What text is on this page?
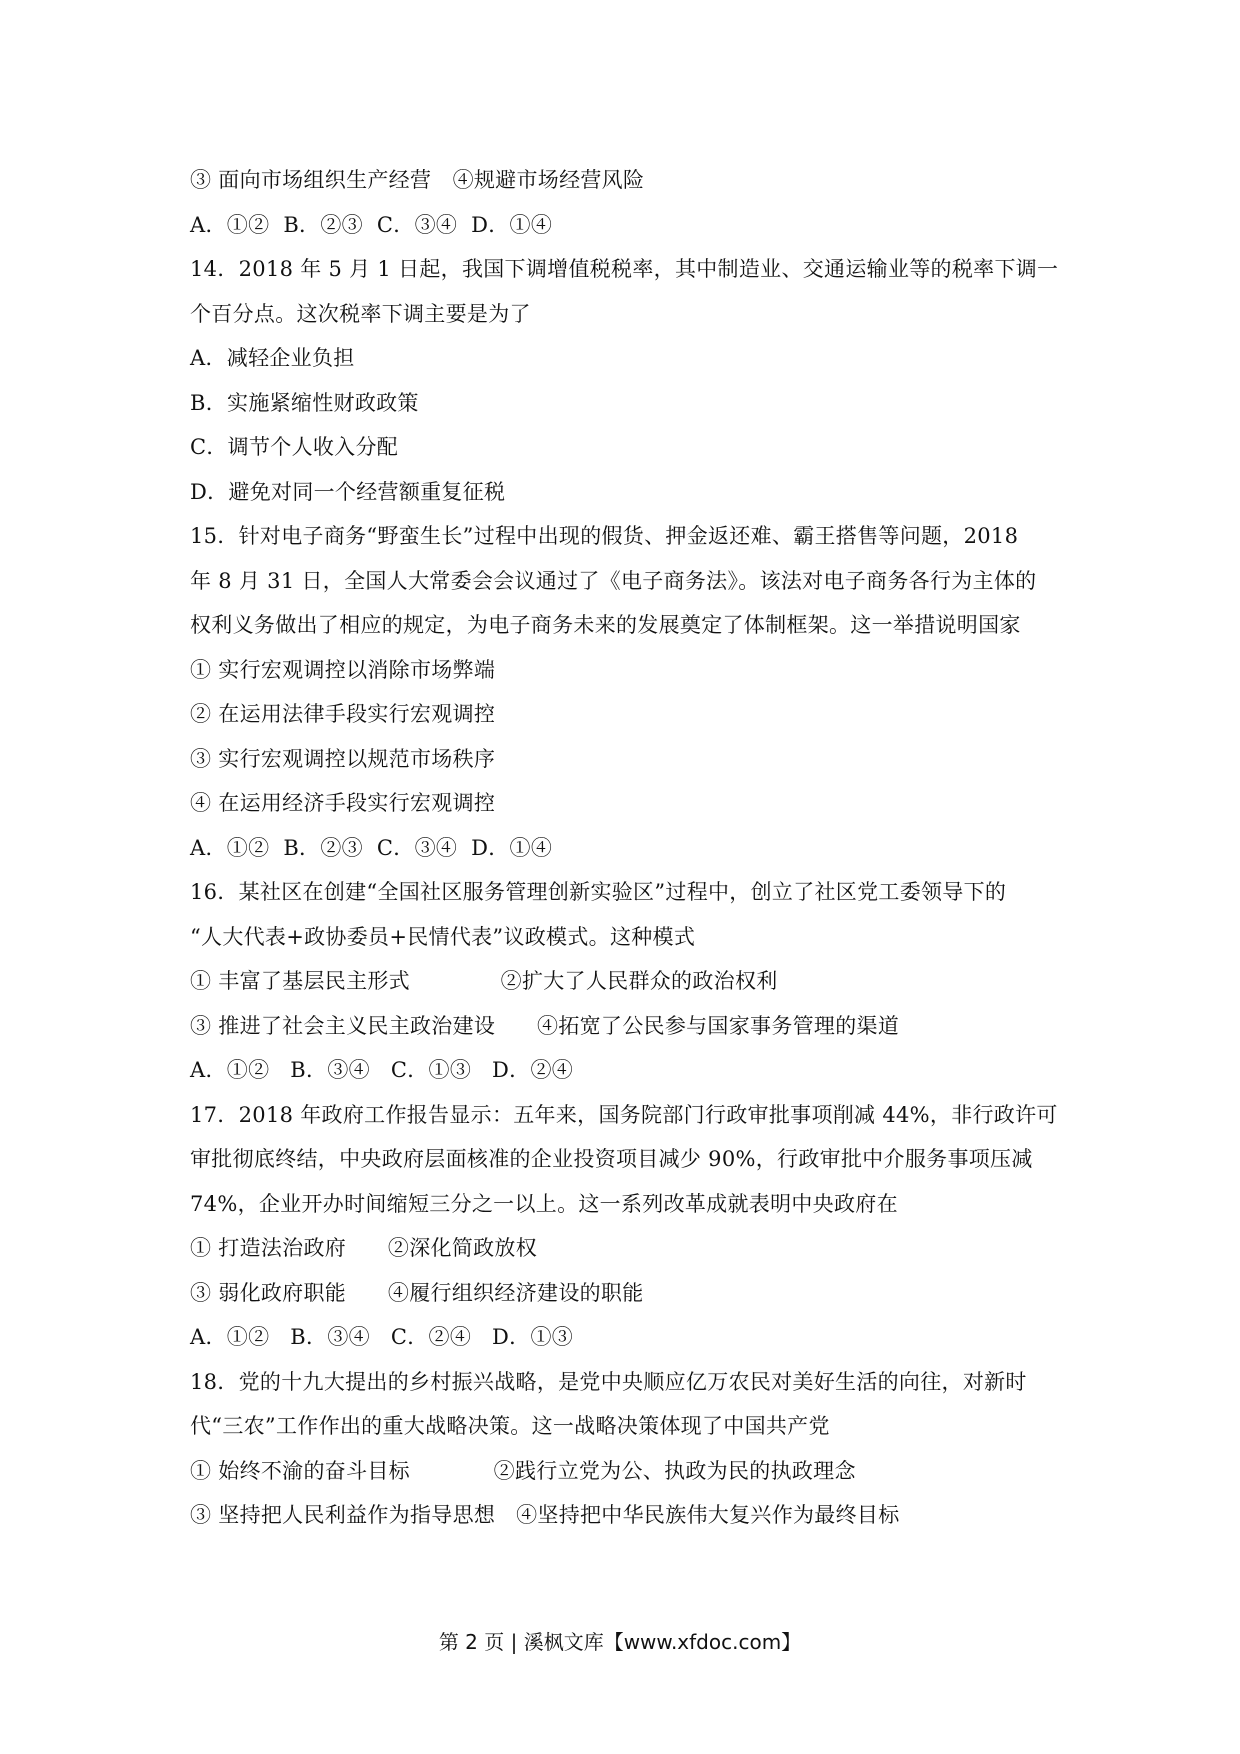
③ 面向市场组织生产经营　④规避市场经营风险
A．①②  B．②③  C．③④  D．①④
14．2018 年 5 月 1 日起，我国下调增值税税率，其中制造业、交通运输业等的税率下调一
个百分点。这次税率下调主要是为了
A．减轻企业负担
B．实施紧缩性财政政策
C．调节个人收入分配
D．避免对同一个经营额重复征税
15．针对电子商务“野蛮生长”过程中出现的假货、押金返还难、霸王搭售等问题，2018
年 8 月 31 日，全国人大常委会会议通过了《电子商务法》。该法对电子商务各行为主体的
权利义务做出了相应的规定，为电子商务未来的发展奠定了体制框架。这一举措说明国家
① 实行宏观调控以消除市场弊端
② 在运用法律手段实行宏观调控
③ 实行宏观调控以规范市场秩序
④ 在运用经济手段实行宏观调控
A．①②  B．②③  C．③④  D．①④
16．某社区在创建“全国社区服务管理创新实验区”过程中，创立了社区党工委领导下的
“人大代表+政协委员+民情代表”议政模式。这种模式
① 丰富了基层民主形式             ②扩大了人民群众的政治权利
③ 推进了社会主义民主政治建设      ④拓宽了公民参与国家事务管理的渠道
A．①②   B．③④   C．①③   D．②④
17．2018 年政府工作报告显示：五年来，国务院部门行政审批事项削减 44%，非行政许可
审批彻底终结，中央政府层面核准的企业投资项目减少 90%，行政审批中介服务事项压减
74%，企业开办时间缩短三分之一以上。这一系列改革成就表明中央政府在
① 打造法治政府      ②深化简政放权
③ 弱化政府职能      ④履行组织经济建设的职能
A．①②   B．③④   C．②④   D．①③
18．党的十九大提出的乡村振兴战略，是党中央顺应亿万农民对美好生活的向往，对新时
代“三农”工作作出的重大战略决策。这一战略决策体现了中国共产党
① 始终不渝的奋斗目标            ②践行立党为公、执政为民的执政理念
③ 坚持把人民利益作为指导思想   ④坚持把中华民族伟大复兴作为最终目标
第 2 页 | 溪枫文库【www.xfdoc.com】
